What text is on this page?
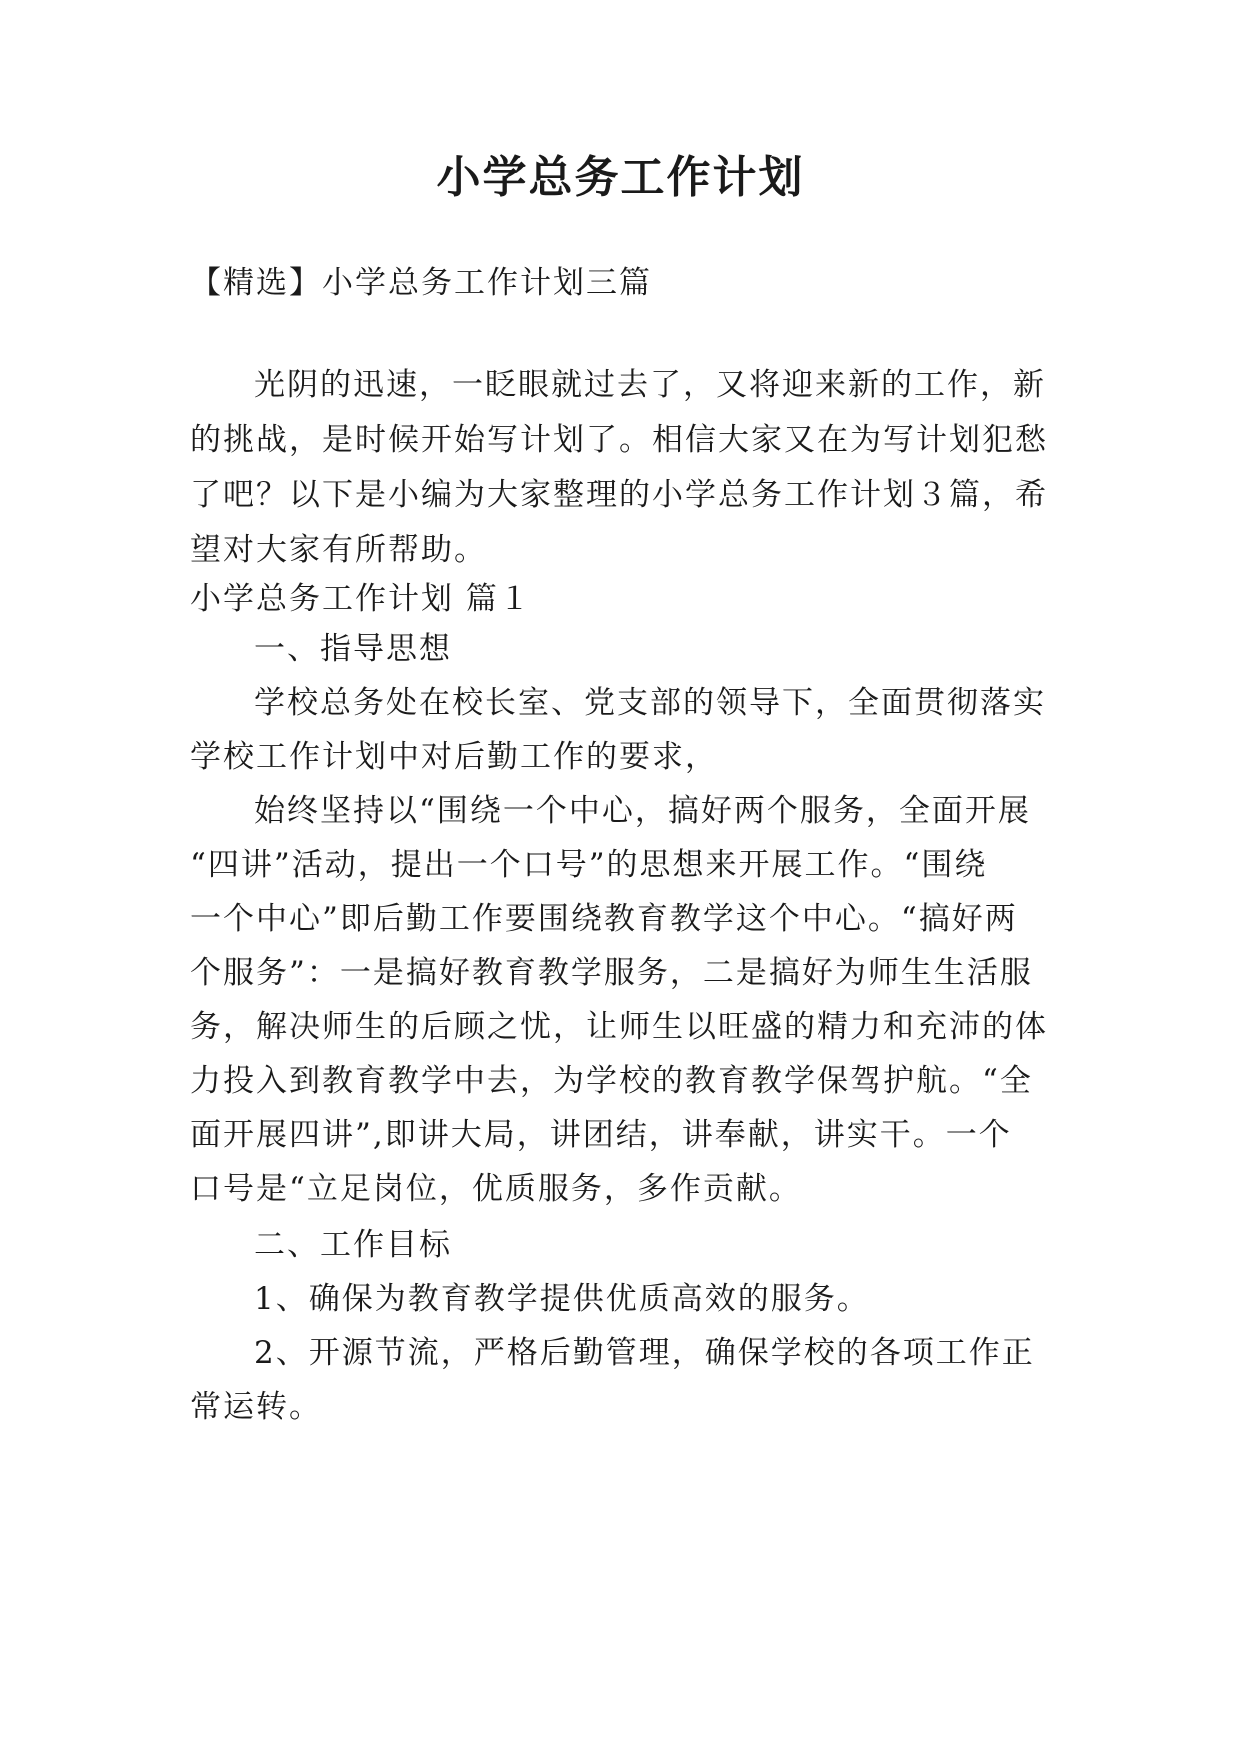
小学总务工作计划
【精选】小学总务工作计划三篇
光阴的迅速，一眨眼就过去了，又将迎来新的工作，新
的挑战，是时候开始写计划了。相信大家又在为写计划犯愁
了吧？以下是小编为大家整理的小学总务工作计划３篇，希
望对大家有所帮助。
小学总务工作计划 篇１
一、指导思想
学校总务处在校长室、党支部的领导下，全面贯彻落实
学校工作计划中对后勤工作的要求，
始终坚持以“围绕一个中心，搞好两个服务，全面开展
“四讲”活动，提出一个口号”的思想来开展工作。“围绕
一个中心”即后勤工作要围绕教育教学这个中心。“搞好两
个服务”：一是搞好教育教学服务，二是搞好为师生生活服
务，解决师生的后顾之忧，让师生以旺盛的精力和充沛的体
力投入到教育教学中去，为学校的教育教学保驾护航。“全
面开展四讲”,即讲大局，讲团结，讲奉献，讲实干。一个
口号是“立足岗位，优质服务，多作贡献。
二、工作目标
1、确保为教育教学提供优质高效的服务。
2、开源节流，严格后勤管理，确保学校的各项工作正
常运转。
